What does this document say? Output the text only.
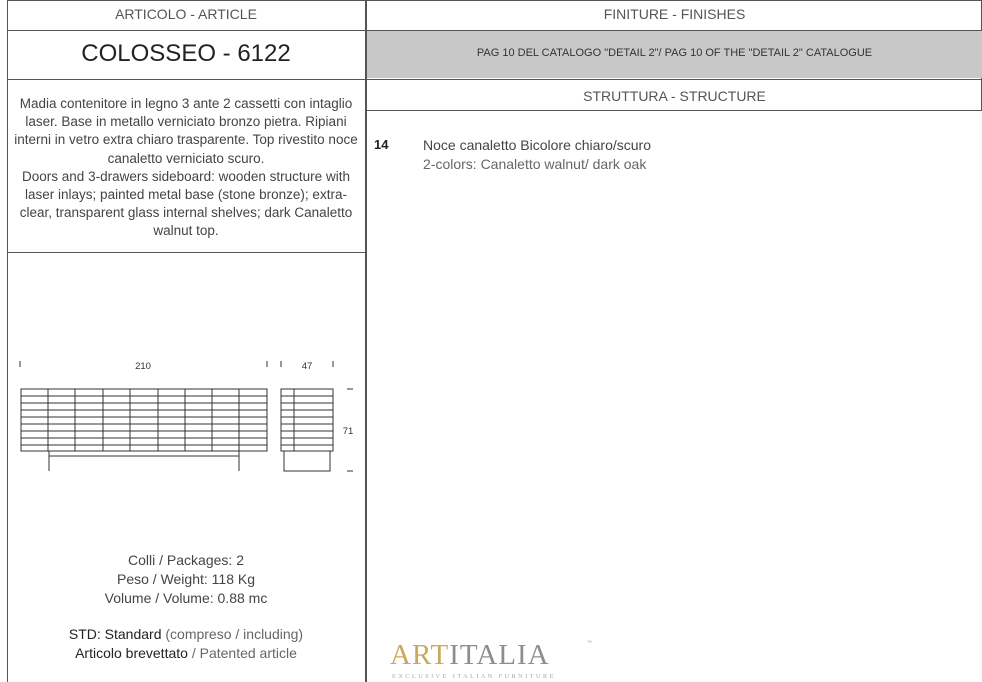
ARTICOLO - ARTICLE	FINITURE - FINISHES
COLOSSEO - 6122	PAG 10 DEL CATALOGO "DETAIL 2"/ PAG 10 OF THE "DETAIL 2" CATALOGUE
Madia contenitore in legno 3 ante 2 cassetti con intaglio laser. Base in metallo verniciato bronzo pietra. Ripiani interni in vetro extra chiaro trasparente. Top rivestito noce canaletto verniciato scuro.
Doors and 3-drawers sideboard: wooden structure with laser inlays; painted metal base (stone bronze); extra-clear, transparent glass internal shelves; dark Canaletto walnut top.
STRUTTURA - STRUCTURE
14 Noce canaletto Bicolore chiaro/scuro
2-colors: Canaletto walnut/ dark oak
210	47
71
Colli / Packages: 2
Peso / Weight: 118 Kg
Volume / Volume: 0.88 mc
STD: Standard (compreso / including)
Articolo brevettato / Patented article	ARTITALIA	™
EXCLUSIVE ITALIAN FURNITURE
